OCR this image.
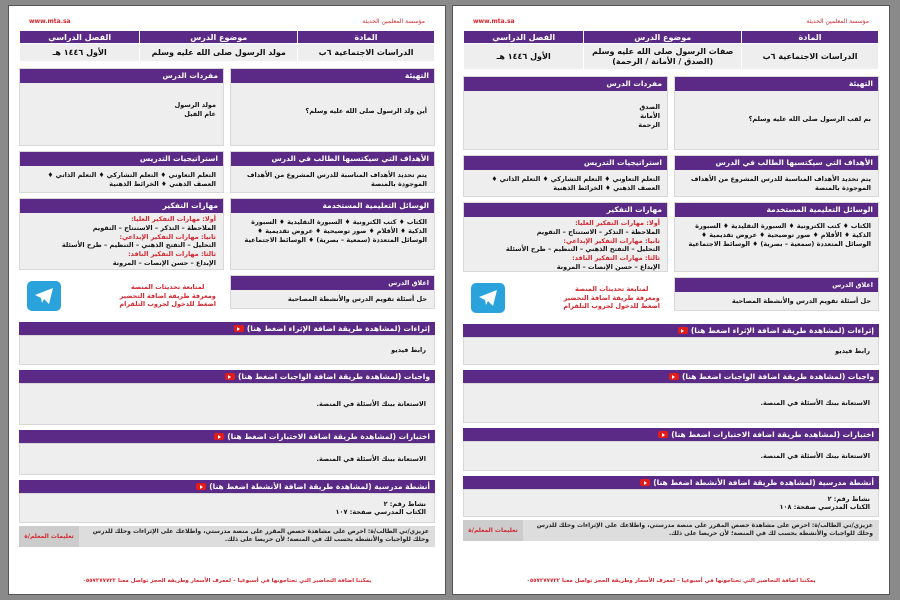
مؤسسة المعلمين الحديثة
www.mta.sa
المادة	موضوع الدرس	الفصل الدراسي
الدراسات الاجتماعية ٦ب	مولد الرسول صلى الله عليه وسلم	الأول ١٤٤٦ هـ
التهيئة
أين ولد الرسول صلى الله عليه وسلم؟
الأهداف التي سيكتسبها الطالب في الدرس
يتم تحديد الأهداف المناسبة للدرس المشروع من الأهداف الموجودة بالمنصة
الوسائل التعليمية المستخدمة
الكتاب ♦ كتب الكترونية ♦ السبورة التقليدية ♦ السبورة الذكية ♦ الأقلام ♦ صور توضيحية ♦ عروض تقديمية ♦ الوسائل المتعددة (سمعية – بصرية) ♦ الوسائط الاجتماعية
اغلاق الدرس
حل أسئلة تقويم الدرس والأنشطة المصاحبة
مفردات الدرس
مولد الرسول
عام الفيل
استراتيجيات التدريس
التعلم التعاوني ♦ التعلم التشاركي ♦ التعلم الذاتي ♦ العصف الذهني ♦ الخرائط الذهنية
مهارات التفكير
أولا: مهارات التفكير العليا:
الملاحظة – التذكر – الاستنتاج – التقويم
ثانيا: مهارات التفكير الإبداعي:
التحليل – التفتح الذهني – التنظيم – طرح الأسئلة
ثالثا: مهارات التفكير الناقد:
الإبداع – حسن الإنصات – المرونة
لمتابعة تحديثات المنصة
ومعرفة طريقة اضافة التحضير
اضغط للدخول لجروب التلقرام
إثراءات (لمشاهدة طريقة اضافة الإثراء اضغط هنا)
رابط فيديو
واجبات (لمشاهدة طريقة اضافة الواجبات اضغط هنا)
الاستعانة ببنك الأسئلة في المنصة.
اختبارات (لمشاهدة طريقة اضافة الاختبارات اضغط هنا)
الاستعانة ببنك الأسئلة في المنصة.
أنشطة مدرسية (لمشاهدة طريقة اضافة الأنشطة اضغط هنا)
نشاط رقم: ٢
الكتاب المدرسي صفحة: ١٠٧
عزيزي/تي الطالب/ة: احرص على مشاهدة حصص المقرر على منصة مدرستي، واطلاعك على الإثراءات وحلك للدرس وحلك للواجبات والأنشطة بحسب لك في المنصة؛ لأن حريصا على ذلك.
تعليمات المعلم/ة
يمكننا اضافة التحاضير التي تحتاجونها في أسبوعيا – لمعرف الأسعار وطريقة الحجز تواصل معنا ٠٥٥٧٢٧٧٧٢٢
مؤسسة المعلمين الحديثة
www.mta.sa
المادة	موضوع الدرس	الفصل الدراسي
الدراسات الاجتماعية ٦ب	صفات الرسول صلى الله عليه وسلم (الصدق / الأمانة / الرحمة)	الأول ١٤٤٦ هـ
التهيئة
بم لقب الرسول صلى الله عليه وسلم؟
الأهداف التي سيكتسبها الطالب في الدرس
يتم تحديد الأهداف المناسبة للدرس المشروع من الأهداف الموجودة بالمنصة
الوسائل التعليمية المستخدمة
الكتاب ♦ كتب الكترونية ♦ السبورة التقليدية ♦ السبورة الذكية ♦ الأقلام ♦ صور توضيحية ♦ عروض تقديمية ♦ الوسائل المتعددة (سمعية – بصرية) ♦ الوسائط الاجتماعية
اغلاق الدرس
حل أسئلة تقويم الدرس والأنشطة المصاحبة
مفردات الدرس
الصدق
الأمانة
الرحمة
استراتيجيات التدريس
التعلم التعاوني ♦ التعلم التشاركي ♦ التعلم الذاتي ♦ العصف الذهني ♦ الخرائط الذهنية
مهارات التفكير
أولا: مهارات التفكير العليا:
الملاحظة – التذكر – الاستنتاج – التقويم
ثانيا: مهارات التفكير الإبداعي:
التحليل – التفتح الذهني – التنظيم – طرح الأسئلة
ثالثا: مهارات التفكير الناقد:
الإبداع – حسن الإنصات – المرونة
لمتابعة تحديثات المنصة
ومعرفة طريقة اضافة التحضير
اضغط للدخول لجروب التلقرام
إثراءات (لمشاهدة طريقة اضافة الإثراء اضغط هنا)
رابط فيديو
واجبات (لمشاهدة طريقة اضافة الواجبات اضغط هنا)
الاستعانة ببنك الأسئلة في المنصة.
اختبارات (لمشاهدة طريقة اضافة الاختبارات اضغط هنا)
الاستعانة ببنك الأسئلة في المنصة.
أنشطة مدرسية (لمشاهدة طريقة اضافة الأنشطة اضغط هنا)
نشاط رقم: ٢
الكتاب المدرسي صفحة: ١٠٨
عزيزي/تي الطالب/ة: احرص على مشاهدة حصص المقرر على منصة مدرستي، واطلاعك على الإثراءات وحلك للدرس وحلك للواجبات والأنشطة بحسب لك في المنصة؛ لأن حريصا على ذلك.
تعليمات المعلم/ة
يمكننا اضافة التحاضير التي تحتاجونها في أسبوعيا – لمعرف الأسعار وطريقة الحجز تواصل معنا ٠٥٥٧٢٧٧٧٢٢
